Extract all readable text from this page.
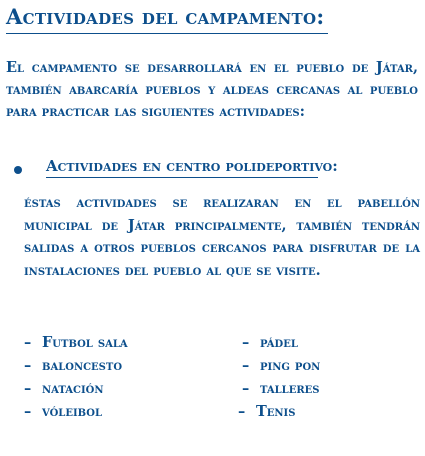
Actividades del campamento:
El campamento se desarrollará en el pueblo de Játar, también abarcaría pueblos y aldeas cercanas al pueblo para practicar las siguientes actividades:
Actividades en centro polideportivo:
éstas actividades se realizaran en el pabellón municipal de Játar principalmente, también tendrán salidas a otros pueblos cercanos para disfrutar de la instalaciones del pueblo al que se visite.
– Futbol sala
– baloncesto
– natación
– vóleibol
– pádel
– ping pon
– talleres
– Tenis
